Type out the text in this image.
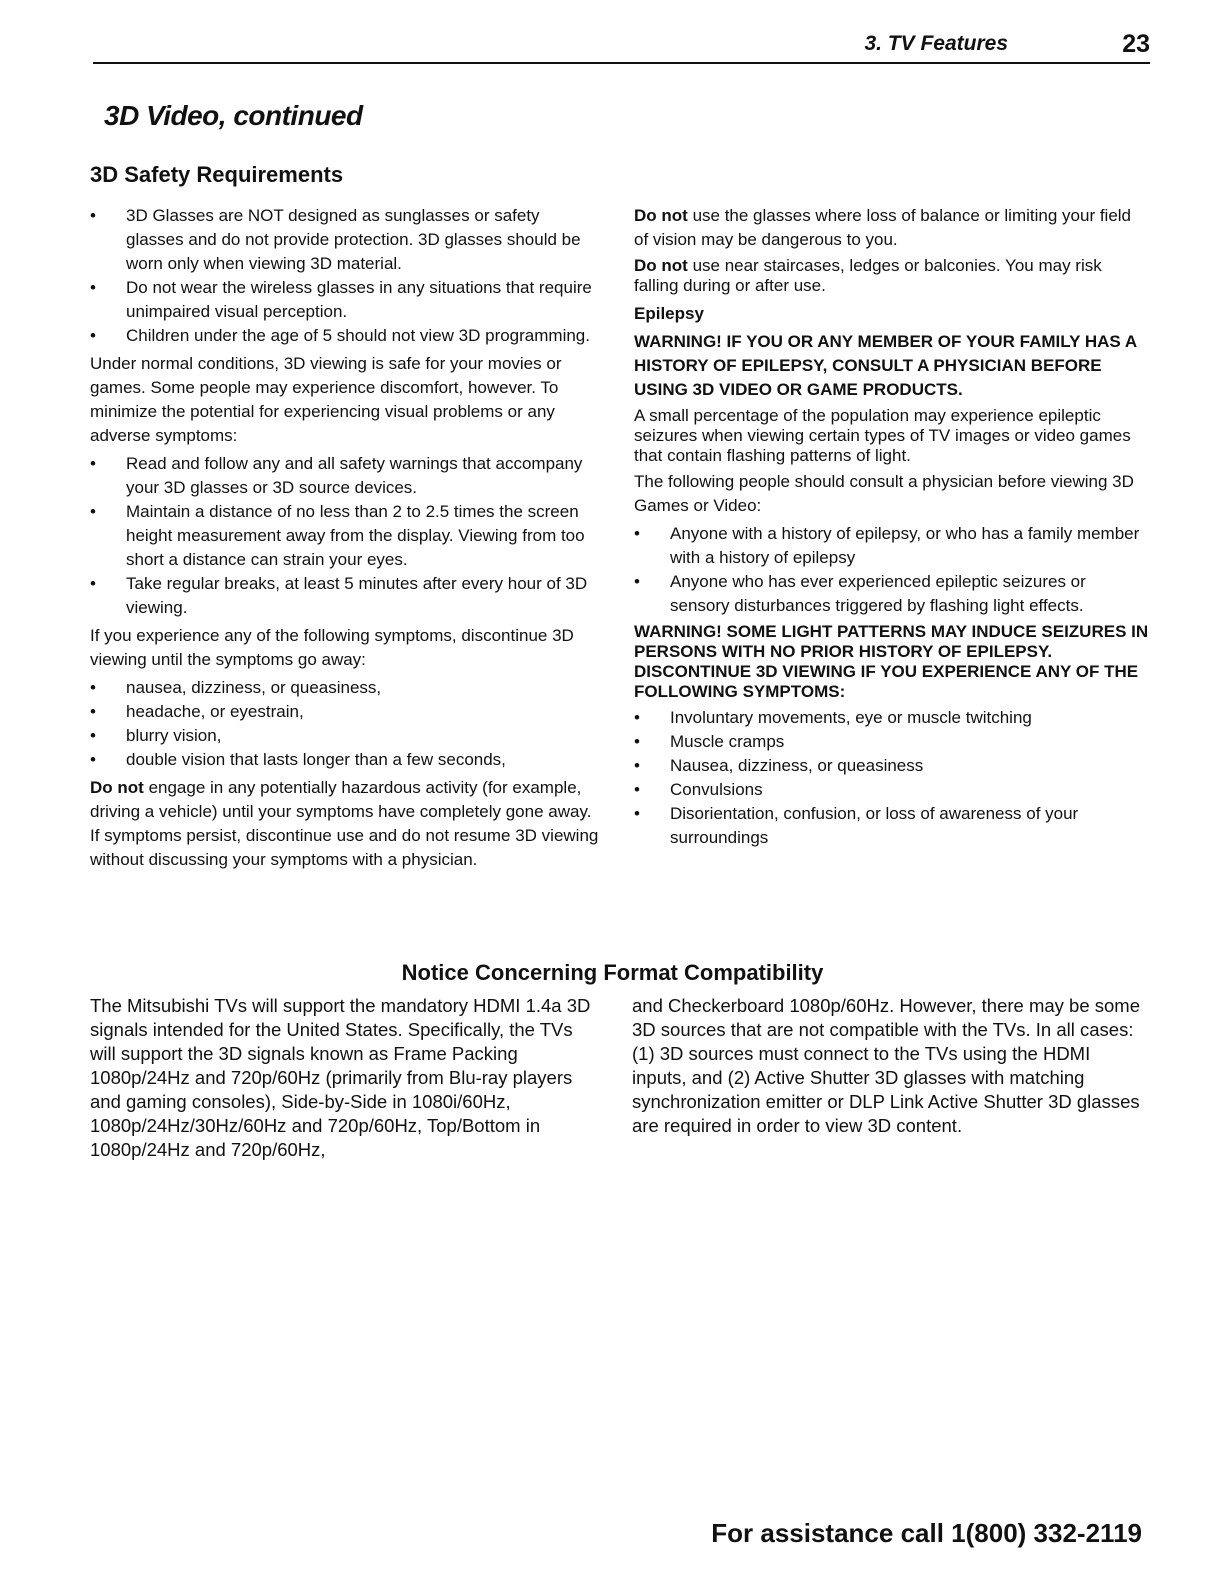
3. TV Features	23
3D Video, continued
3D Safety Requirements
•	3D Glasses are NOT designed as sunglasses or safety glasses and do not provide protection. 3D glasses should be worn only when viewing 3D material.
•	Do not wear the wireless glasses in any situations that require unimpaired visual perception.
•	Children under the age of 5 should not view 3D programming.

Under normal conditions, 3D viewing is safe for your movies or games. Some people may experience discomfort, however. To minimize the potential for experiencing visual problems or any adverse symptoms:

•	Read and follow any and all safety warnings that accompany your 3D glasses or 3D source devices.
•	Maintain a distance of no less than 2 to 2.5 times the screen height measurement away from the display. Viewing from too short a distance can strain your eyes.
•	Take regular breaks, at least 5 minutes after every hour of 3D viewing.

If you experience any of the following symptoms, discontinue 3D viewing until the symptoms go away:

•	nausea, dizziness, or queasiness,
•	headache, or eyestrain,
•	blurry vision,
•	double vision that lasts longer than a few seconds,

Do not engage in any potentially hazardous activity (for example, driving a vehicle) until your symptoms have completely gone away. If symptoms persist, discontinue use and do not resume 3D viewing without discussing your symptoms with a physician.

Do not use the glasses where loss of balance or limiting your field of vision may be dangerous to you.

Do not use near staircases, ledges or balconies. You may risk falling during or after use.

Epilepsy

WARNING! IF YOU OR ANY MEMBER OF YOUR FAMILY HAS A HISTORY OF EPILEPSY, CONSULT A PHYSICIAN BEFORE USING 3D VIDEO OR GAME PRODUCTS.

A small percentage of the population may experience epileptic seizures when viewing certain types of TV images or video games that contain flashing patterns of light.

The following people should consult a physician before viewing 3D Games or Video:

•	Anyone with a history of epilepsy, or who has a family member with a history of epilepsy
•	Anyone who has ever experienced epileptic seizures or sensory disturbances triggered by flashing light effects.

WARNING! SOME LIGHT PATTERNS MAY INDUCE SEIZURES IN PERSONS WITH NO PRIOR HISTORY OF EPILEPSY. DISCONTINUE 3D VIEWING IF YOU EXPERIENCE ANY OF THE FOLLOWING SYMPTOMS:

•	Involuntary movements, eye or muscle twitching
•	Muscle cramps
•	Nausea, dizziness, or queasiness
•	Convulsions
•	Disorientation, confusion, or loss of awareness of your surroundings
Notice Concerning Format Compatibility

The Mitsubishi TVs will support the mandatory HDMI 1.4a 3D signals intended for the United States. Specifically, the TVs will support the 3D signals known as Frame Packing 1080p/24Hz and 720p/60Hz (primarily from Blu-ray players and gaming consoles), Side-by-Side in 1080i/60Hz, 1080p/24Hz/30Hz/60Hz and 720p/60Hz, Top/Bottom in 1080p/24Hz and 720p/60Hz,

and Checkerboard 1080p/60Hz. However, there may be some 3D sources that are not compatible with the TVs. In all cases: (1) 3D sources must connect to the TVs using the HDMI inputs, and (2) Active Shutter 3D glasses with matching synchronization emitter or DLP Link Active Shutter 3D glasses are required in order to view 3D content.

For assistance call 1(800) 332-2119
